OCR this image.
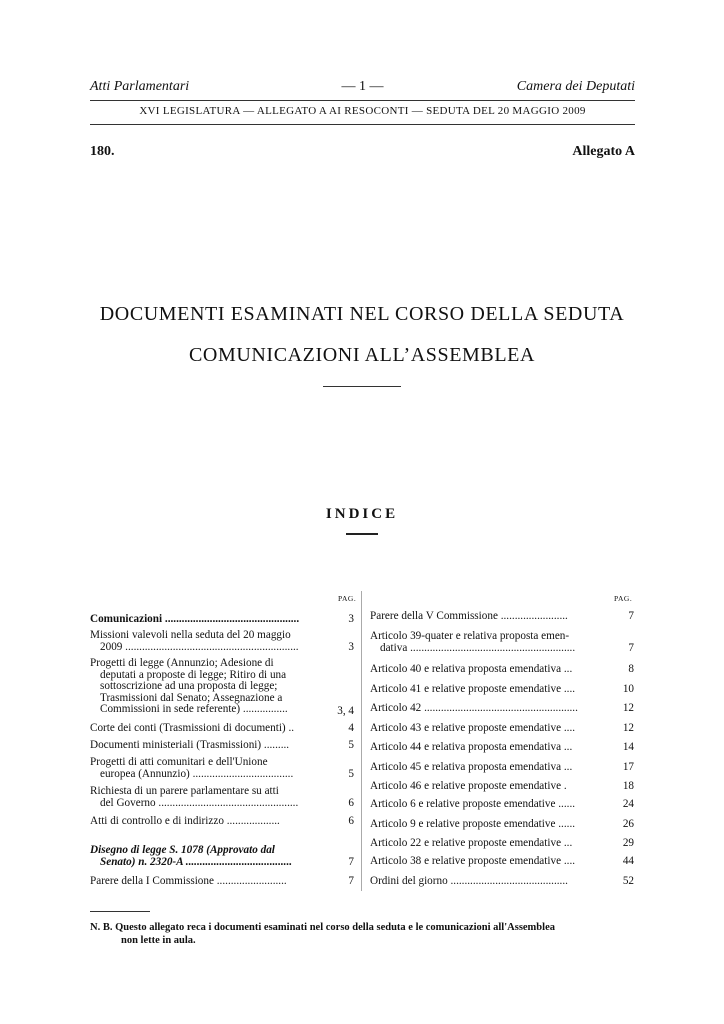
Atti Parlamentari	— 1 —	Camera dei Deputati
XVI LEGISLATURA — ALLEGATO A AI RESOCONTI — SEDUTA DEL 20 MAGGIO 2009
180.	Allegato A
DOCUMENTI ESAMINATI NEL CORSO DELLA SEDUTA
COMUNICAZIONI ALL’ASSEMBLEA
INDICE
PAG.	PAG.
Comunicazioni ................................................	3
Missioni valevoli nella seduta del 20 maggio
2009 ..............................................................	3
Progetti di legge (Annunzio; Adesione di
deputati a proposte di legge; Ritiro di una
sottoscrizione ad una proposta di legge;
Trasmissioni dal Senato; Assegnazione a
Commissioni in sede referente) ................	3, 4
Corte dei conti (Trasmissioni di documenti) ..	4
Documenti ministeriali (Trasmissioni) .........	5
Progetti di atti comunitari e dell'Unione
europea (Annunzio) ....................................	5
Richiesta di un parere parlamentare su atti
del Governo ..................................................	6
Atti di controllo e di indirizzo ...................	6
Disegno di legge S. 1078 (Approvato dal
Senato) n. 2320-A ......................................	7
Parere della I Commissione .........................	7
Parere della V Commissione ........................	7
Articolo 39-quater e relativa proposta emen-
dativa ...........................................................	7
Articolo 40 e relativa proposta emendativa ...	8
Articolo 41 e relative proposte emendative ....	10
Articolo 42 .......................................................	12
Articolo 43 e relative proposte emendative ....	12
Articolo 44 e relativa proposta emendativa ...	14
Articolo 45 e relativa proposta emendativa ...	17
Articolo 46 e relative proposte emendative .	18
Articolo 6 e relative proposte emendative ......	24
Articolo 9 e relative proposte emendative ......	26
Articolo 22 e relative proposte emendative ...	29
Articolo 38 e relative proposte emendative ....	44
Ordini del giorno ..........................................	52
N. B. Questo allegato reca i documenti esaminati nel corso della seduta e le comunicazioni all'Assemblea
non lette in aula.
